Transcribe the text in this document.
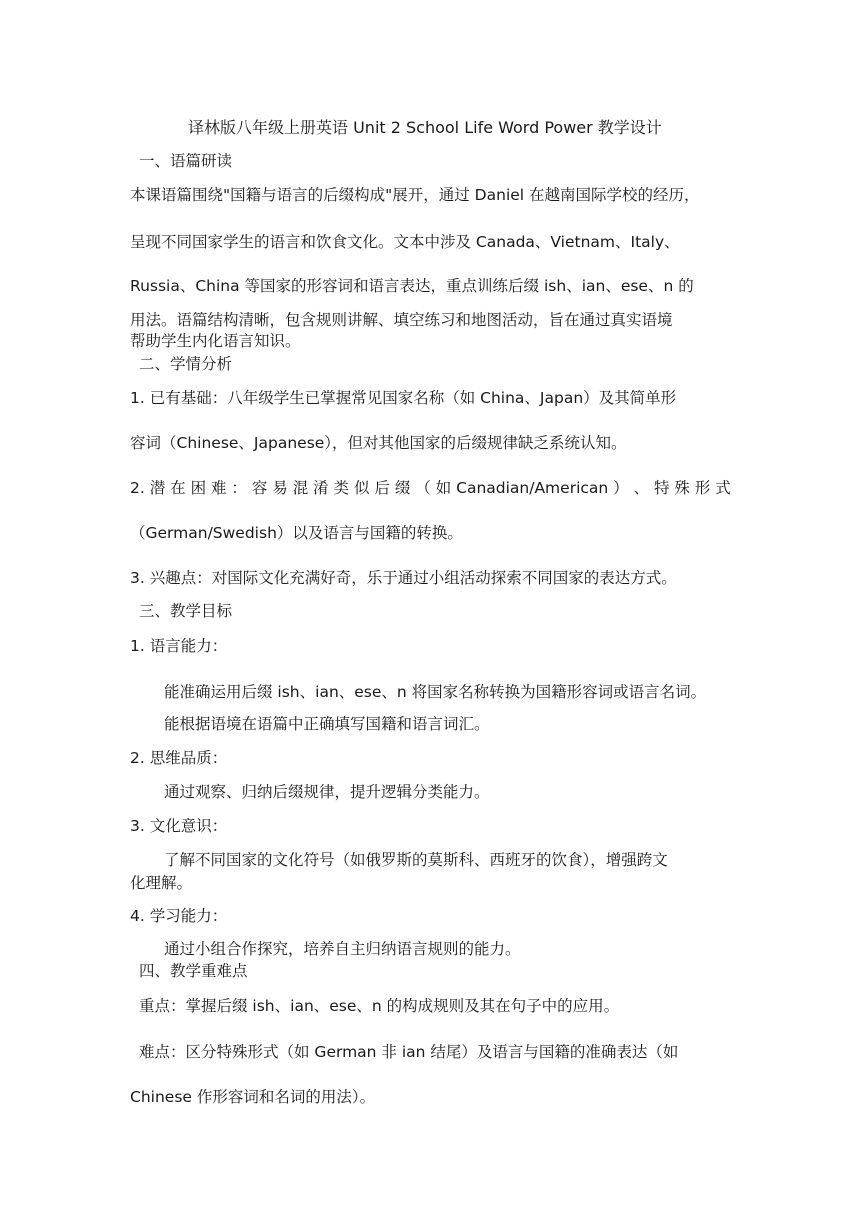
译林版八年级上册英语 Unit 2 School Life Word Power 教学设计
一、语篇研读
本课语篇围绕"国籍与语言的后缀构成"展开，通过 Daniel 在越南国际学校的经历，
呈现不同国家学生的语言和饮食文化。文本中涉及 Canada、Vietnam、Italy、
Russia、China 等国家的形容词和语言表达，重点训练后缀 ish、ian、ese、n 的
用法。语篇结构清晰，包含规则讲解、填空练习和地图活动，旨在通过真实语境
帮助学生内化语言知识。
二、学情分析
1. 已有基础：八年级学生已掌握常见国家名称（如 China、Japan）及其简单形
容词（Chinese、Japanese），但对其他国家的后缀规律缺乏系统认知。
2. 潜 在 困 难 ： 容 易 混 淆 类 似 后 缀 （ 如 Canadian/American ） 、 特 殊 形 式
（German/Swedish）以及语言与国籍的转换。
3. 兴趣点：对国际文化充满好奇，乐于通过小组活动探索不同国家的表达方式。
三、教学目标
1. 语言能力：
能准确运用后缀 ish、ian、ese、n 将国家名称转换为国籍形容词或语言名词。
能根据语境在语篇中正确填写国籍和语言词汇。
2. 思维品质：
通过观察、归纳后缀规律，提升逻辑分类能力。
3. 文化意识：
了解不同国家的文化符号（如俄罗斯的莫斯科、西班牙的饮食），增强跨文
化理解。
4. 学习能力：
通过小组合作探究，培养自主归纳语言规则的能力。
四、教学重难点
重点：掌握后缀 ish、ian、ese、n 的构成规则及其在句子中的应用。
难点：区分特殊形式（如 German 非 ian 结尾）及语言与国籍的准确表达（如
Chinese 作形容词和名词的用法）。
